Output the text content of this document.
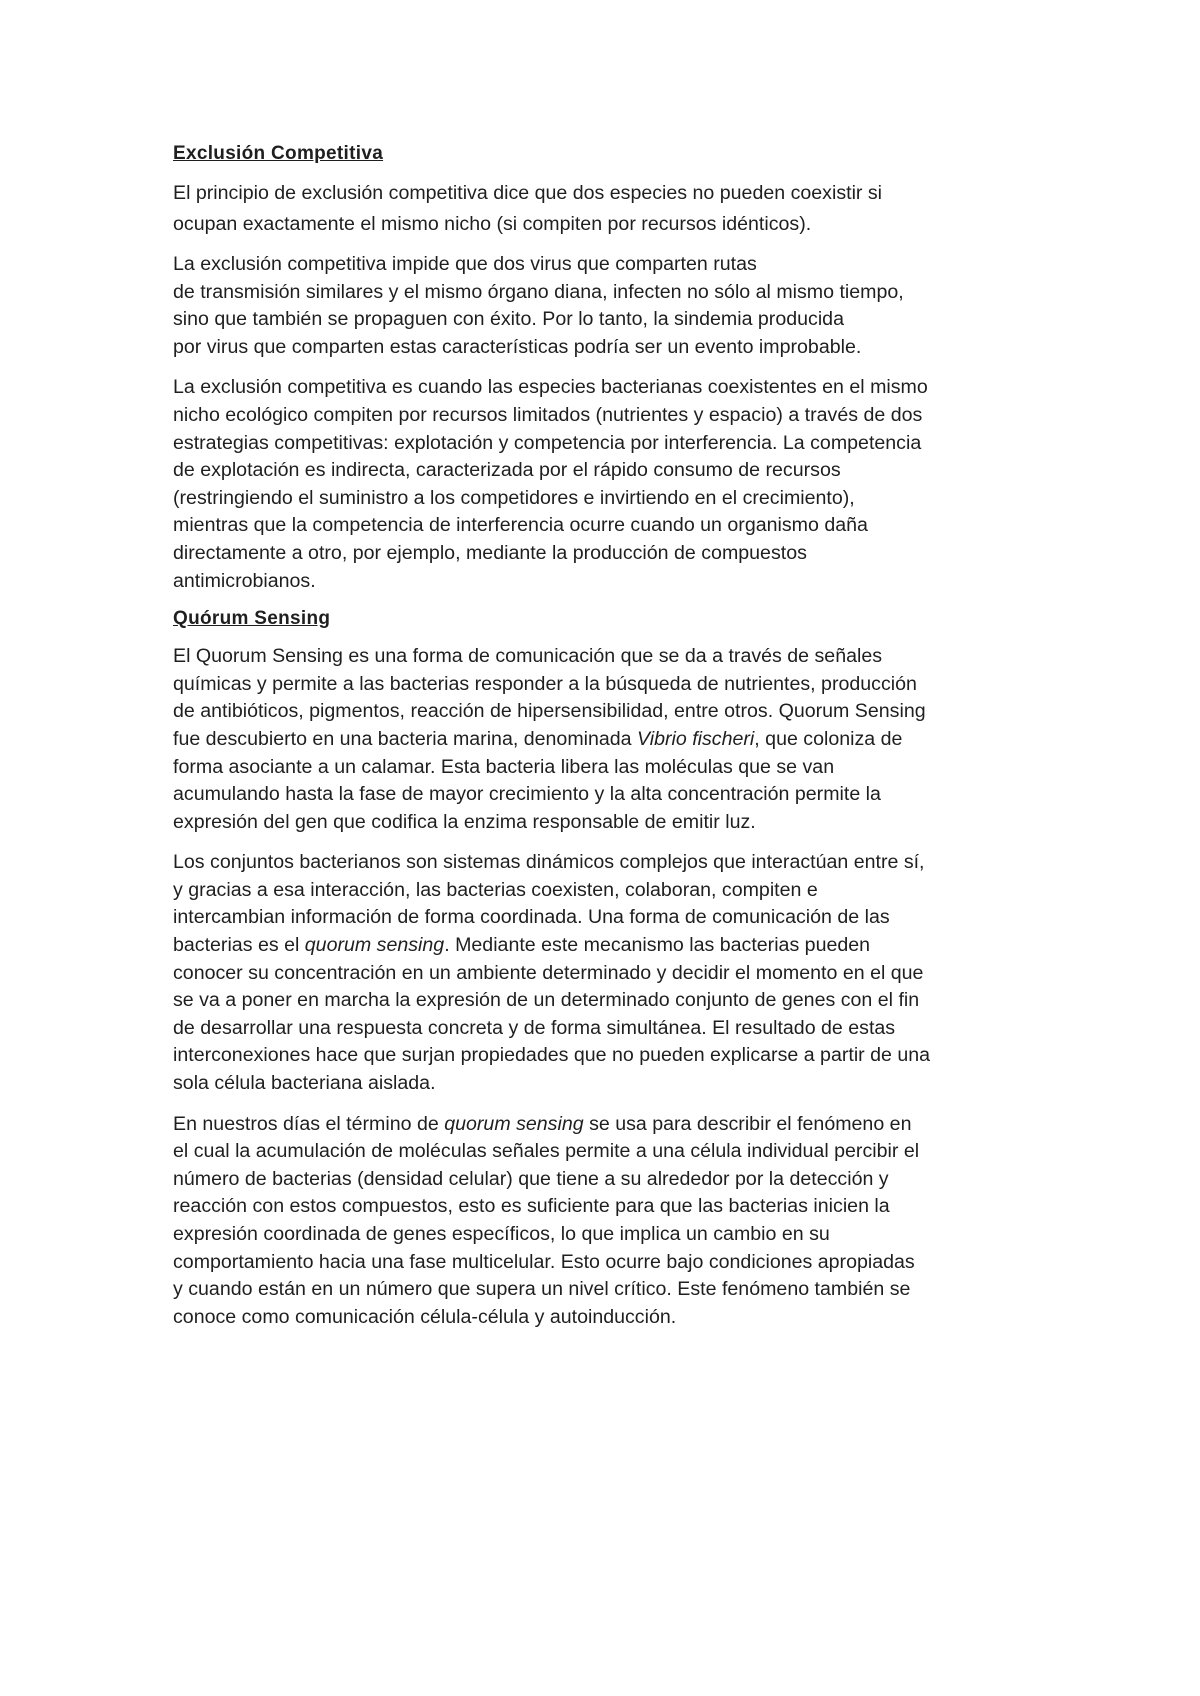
Exclusión Competitiva
El principio de exclusión competitiva dice que dos especies no pueden coexistir si
ocupan exactamente el mismo nicho (si compiten por recursos idénticos).
La exclusión competitiva impide que dos virus que comparten rutas
de transmisión similares y el mismo órgano diana, infecten no sólo al mismo tiempo,
sino que también se propaguen con éxito. Por lo tanto, la sindemia producida
por virus que comparten estas características podría ser un evento improbable.
La exclusión competitiva es cuando las especies bacterianas coexistentes en el mismo
nicho ecológico compiten por recursos limitados (nutrientes y espacio) a través de dos
estrategias competitivas: explotación y competencia por interferencia. La competencia
de explotación es indirecta, caracterizada por el rápido consumo de recursos
(restringiendo el suministro a los competidores e invirtiendo en el crecimiento),
mientras que la competencia de interferencia ocurre cuando un organismo daña
directamente a otro, por ejemplo, mediante la producción de compuestos
antimicrobianos.
Quórum Sensing
El Quorum Sensing es una forma de comunicación que se da a través de señales
químicas y permite a las bacterias responder a la búsqueda de nutrientes, producción
de antibióticos, pigmentos, reacción de hipersensibilidad, entre otros. Quorum Sensing
fue descubierto en una bacteria marina, denominada Vibrio fischeri, que coloniza de
forma asociante a un calamar. Esta bacteria libera las moléculas que se van
acumulando hasta la fase de mayor crecimiento y la alta concentración permite la
expresión del gen que codifica la enzima responsable de emitir luz.
Los conjuntos bacterianos son sistemas dinámicos complejos que interactúan entre sí,
y gracias a esa interacción, las bacterias coexisten, colaboran, compiten e
intercambian información de forma coordinada. Una forma de comunicación de las
bacterias es el quorum sensing. Mediante este mecanismo las bacterias pueden
conocer su concentración en un ambiente determinado y decidir el momento en el que
se va a poner en marcha la expresión de un determinado conjunto de genes con el fin
de desarrollar una respuesta concreta y de forma simultánea. El resultado de estas
interconexiones hace que surjan propiedades que no pueden explicarse a partir de una
sola célula bacteriana aislada.
En nuestros días el término de quorum sensing se usa para describir el fenómeno en
el cual la acumulación de moléculas señales permite a una célula individual percibir el
número de bacterias (densidad celular) que tiene a su alrededor por la detección y
reacción con estos compuestos, esto es suficiente para que las bacterias inicien la
expresión coordinada de genes específicos, lo que implica un cambio en su
comportamiento hacia una fase multicelular. Esto ocurre bajo condiciones apropiadas
y cuando están en un número que supera un nivel crítico. Este fenómeno también se
conoce como comunicación célula-célula y autoinducción.
